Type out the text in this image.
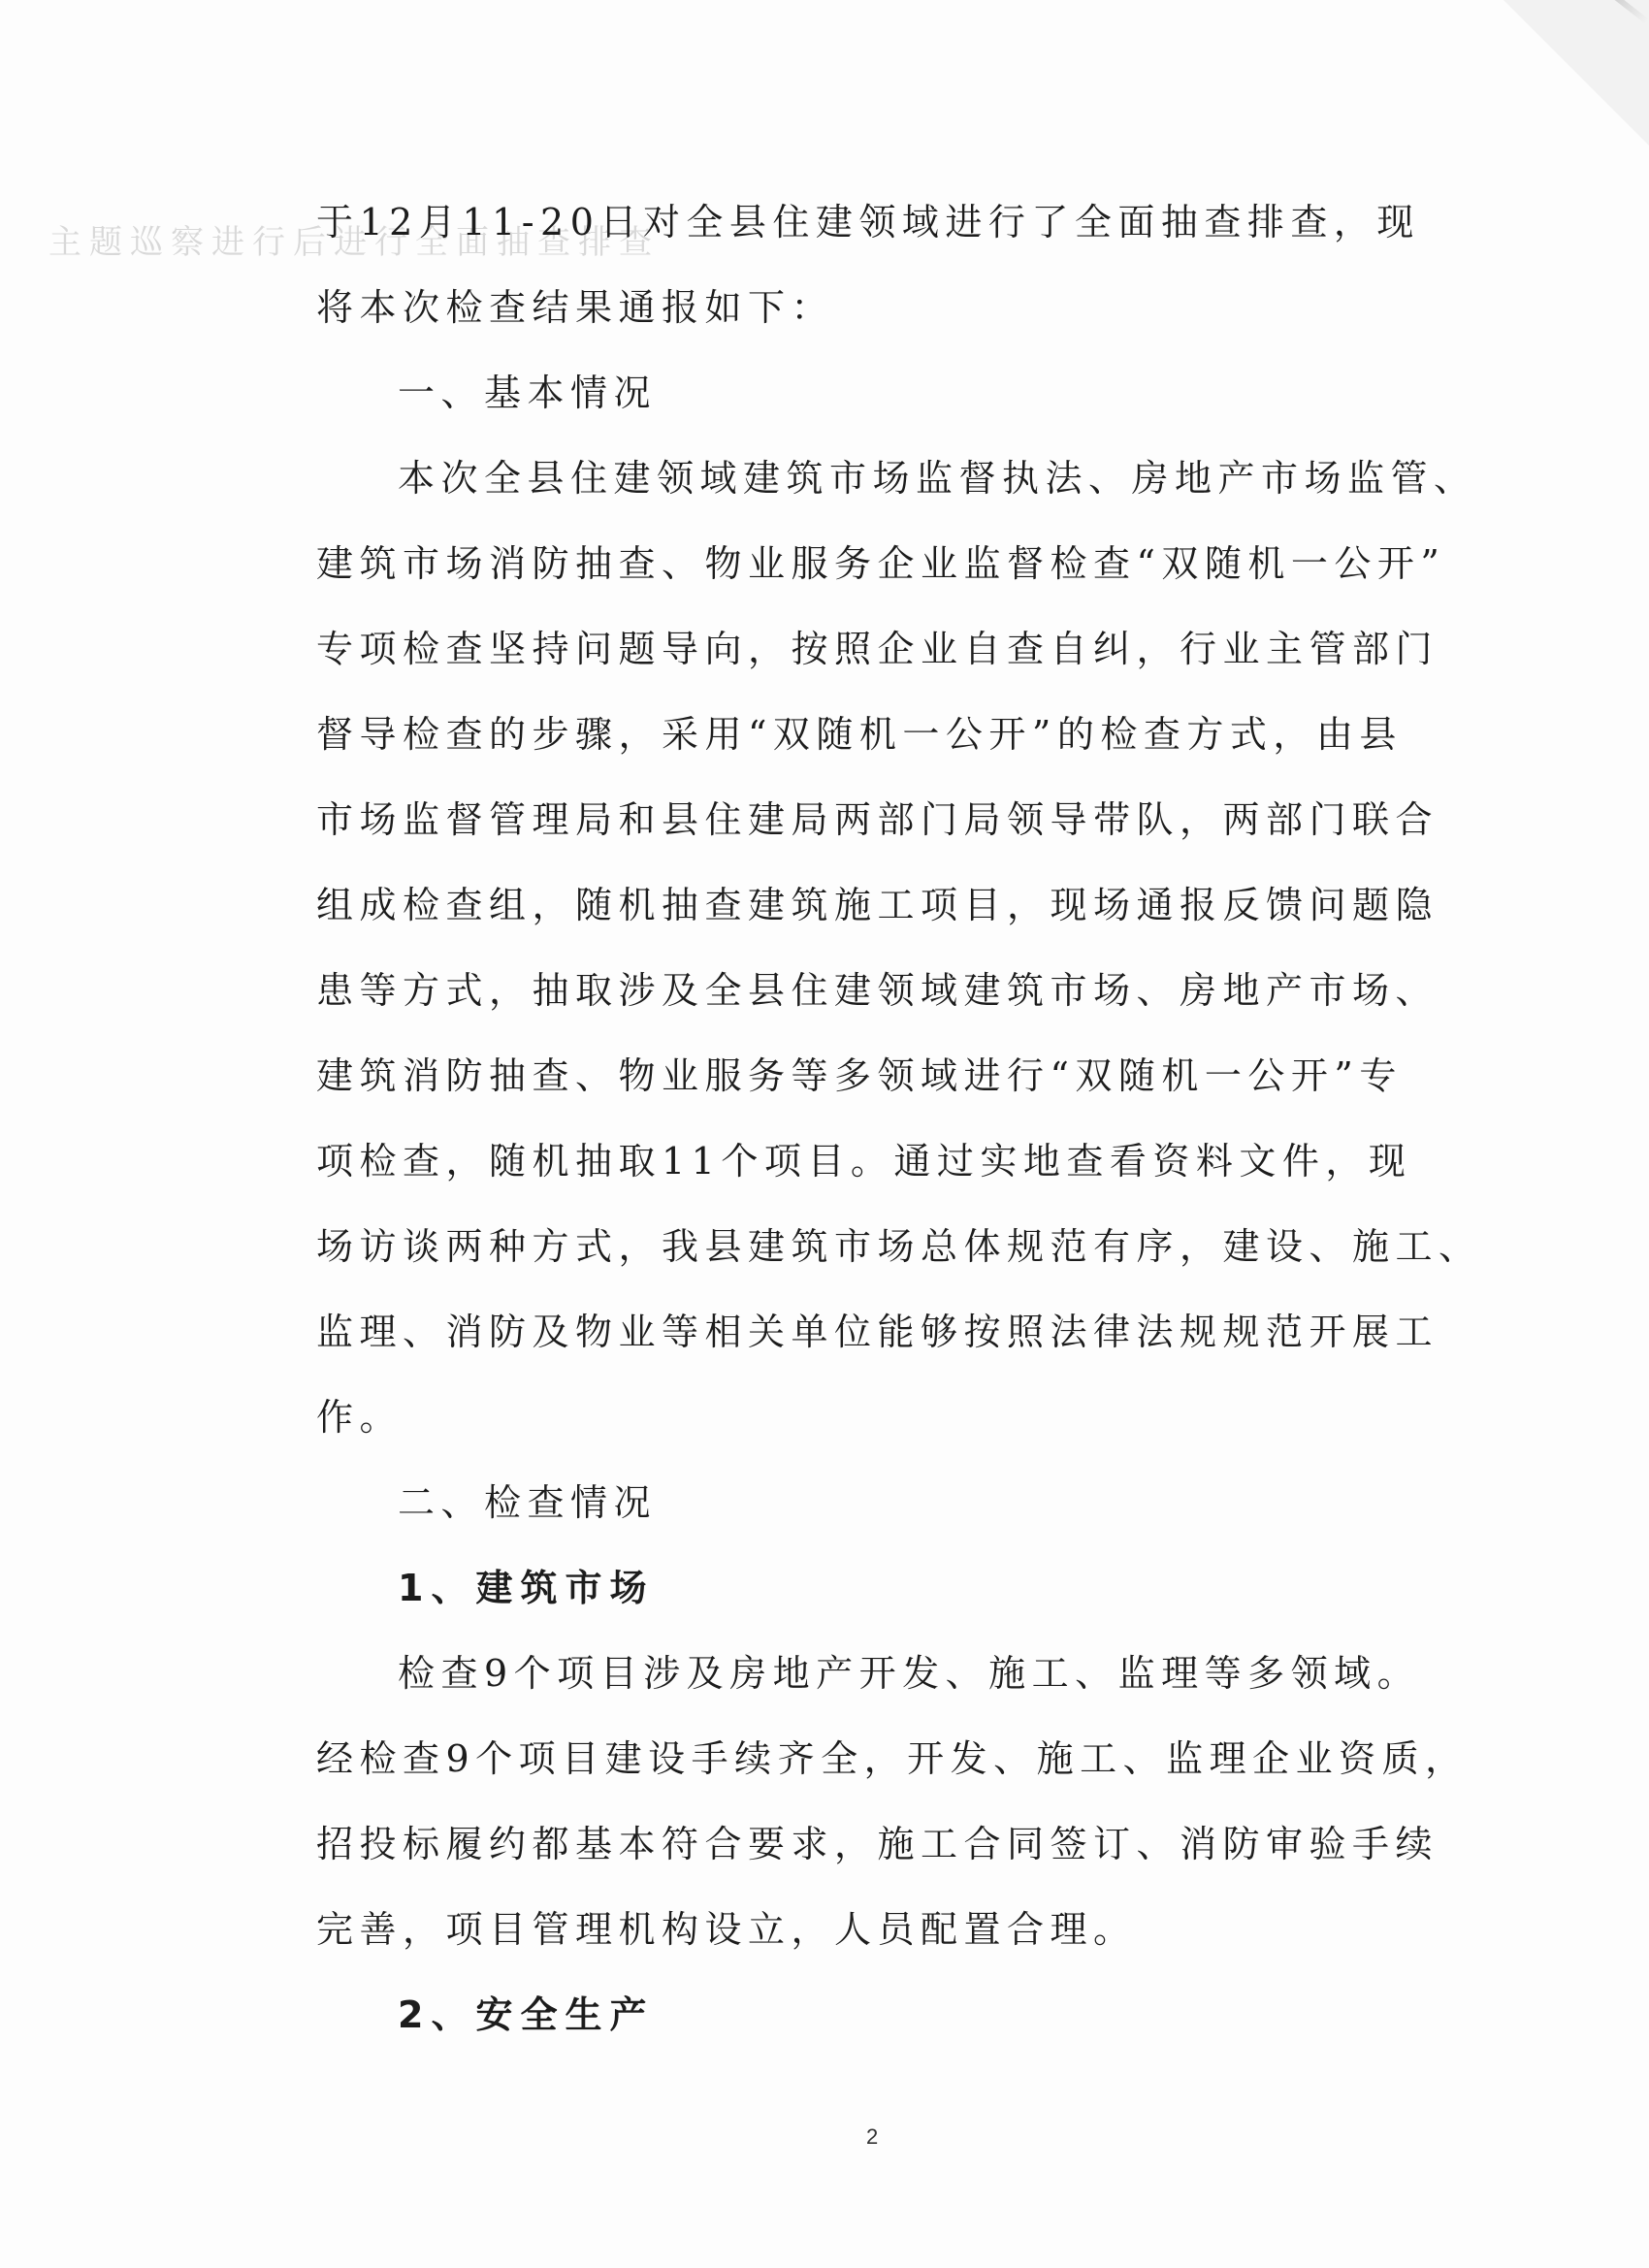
主题巡察进行后进行全面抽查排查
于12月11-20日对全县住建领域进行了全面抽查排查，现
将本次检查结果通报如下：
一、基本情况
本次全县住建领域建筑市场监督执法、房地产市场监管、
建筑市场消防抽查、物业服务企业监督检查“双随机一公开”
专项检查坚持问题导向，按照企业自查自纠，行业主管部门
督导检查的步骤，采用“双随机一公开”的检查方式，由县
市场监督管理局和县住建局两部门局领导带队，两部门联合
组成检查组，随机抽查建筑施工项目，现场通报反馈问题隐
患等方式，抽取涉及全县住建领域建筑市场、房地产市场、
建筑消防抽查、物业服务等多领域进行“双随机一公开”专
项检查，随机抽取11个项目。通过实地查看资料文件，现
场访谈两种方式，我县建筑市场总体规范有序，建设、施工、
监理、消防及物业等相关单位能够按照法律法规规范开展工
作。
二、检查情况
1、建筑市场
检查9个项目涉及房地产开发、施工、监理等多领域。
经检查9个项目建设手续齐全，开发、施工、监理企业资质，
招投标履约都基本符合要求，施工合同签订、消防审验手续
完善，项目管理机构设立，人员配置合理。
2、安全生产
2
